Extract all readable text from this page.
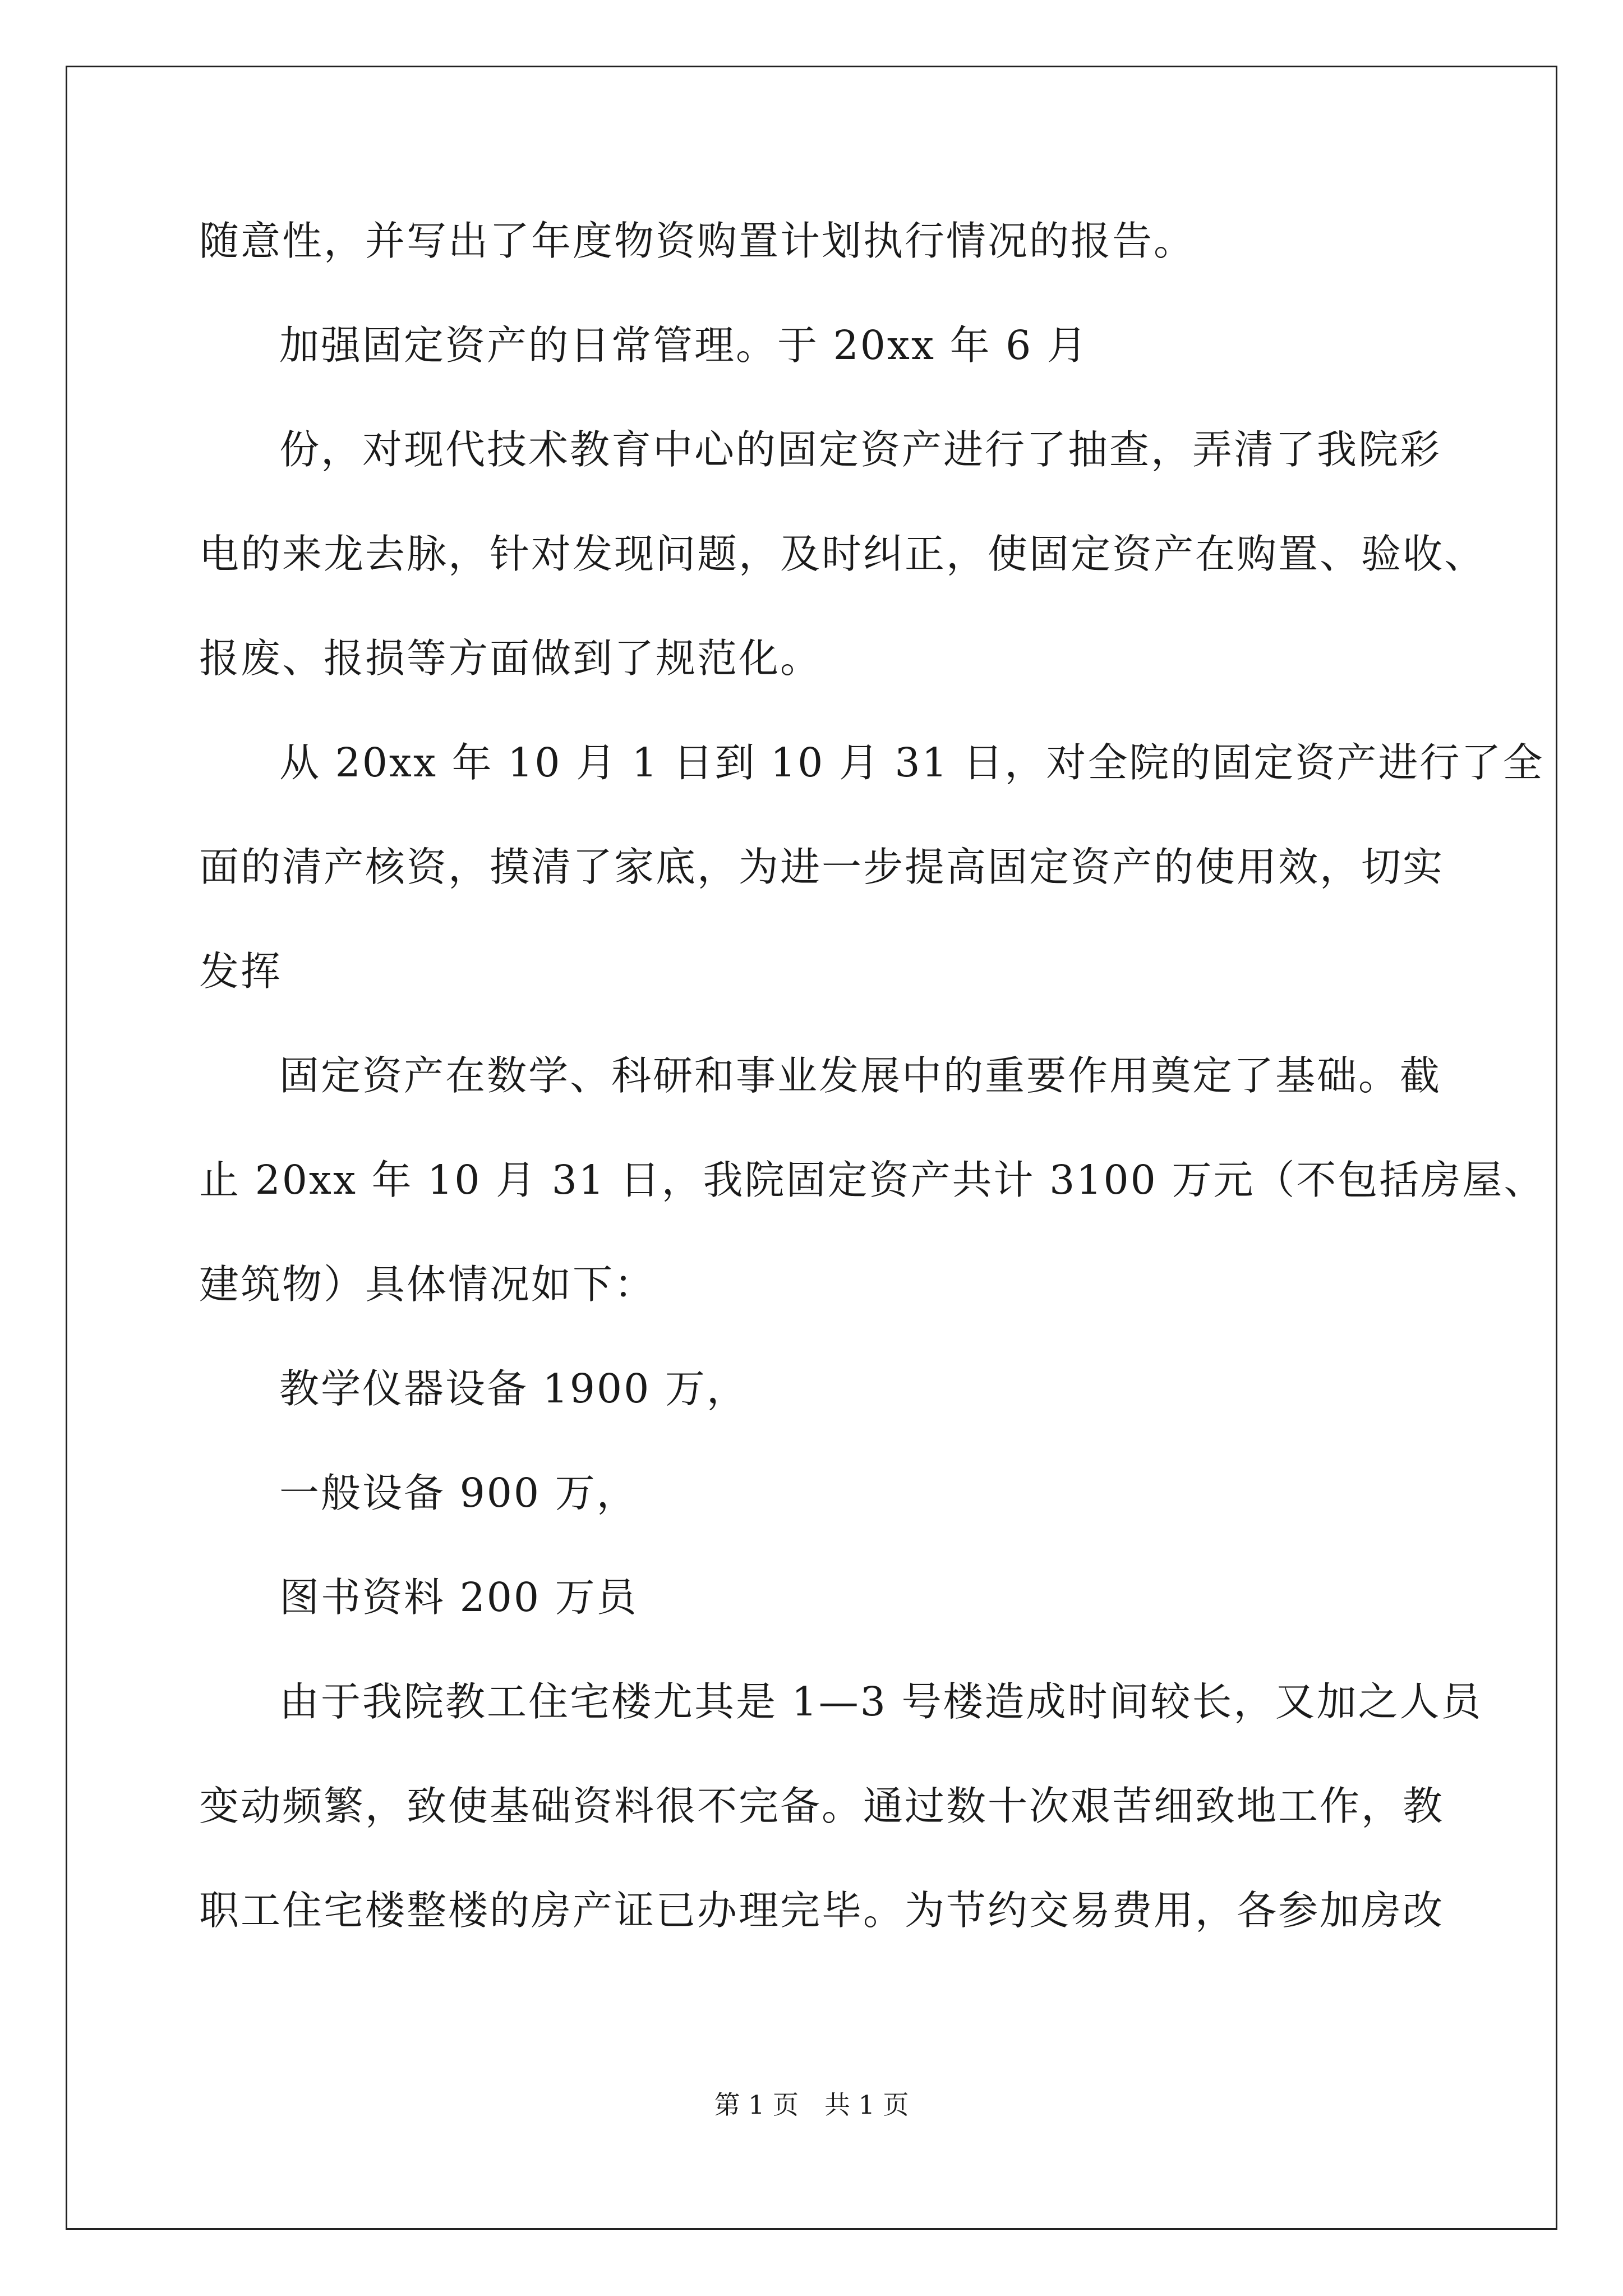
随意性，并写出了年度物资购置计划执行情况的报告。
加强固定资产的日常管理。于 20xx 年 6 月
份，对现代技术教育中心的固定资产进行了抽查，弄清了我院彩
电的来龙去脉，针对发现问题，及时纠正，使固定资产在购置、验收、
报废、报损等方面做到了规范化。
从 20xx 年 10 月 1 日到 10 月 31 日，对全院的固定资产进行了全
面的清产核资，摸清了家底，为进一步提高固定资产的使用效，切实
发挥
固定资产在数学、科研和事业发展中的重要作用奠定了基础。截
止 20xx 年 10 月 31 日，我院固定资产共计 3100 万元（不包括房屋、
建筑物）具体情况如下：
教学仪器设备 1900 万，
一般设备 900 万，
图书资料 200 万员
由于我院教工住宅楼尤其是 1—3 号楼造成时间较长，又加之人员
变动频繁，致使基础资料很不完备。通过数十次艰苦细致地工作，教
职工住宅楼整楼的房产证已办理完毕。为节约交易费用，各参加房改
第 1 页　共 1 页
